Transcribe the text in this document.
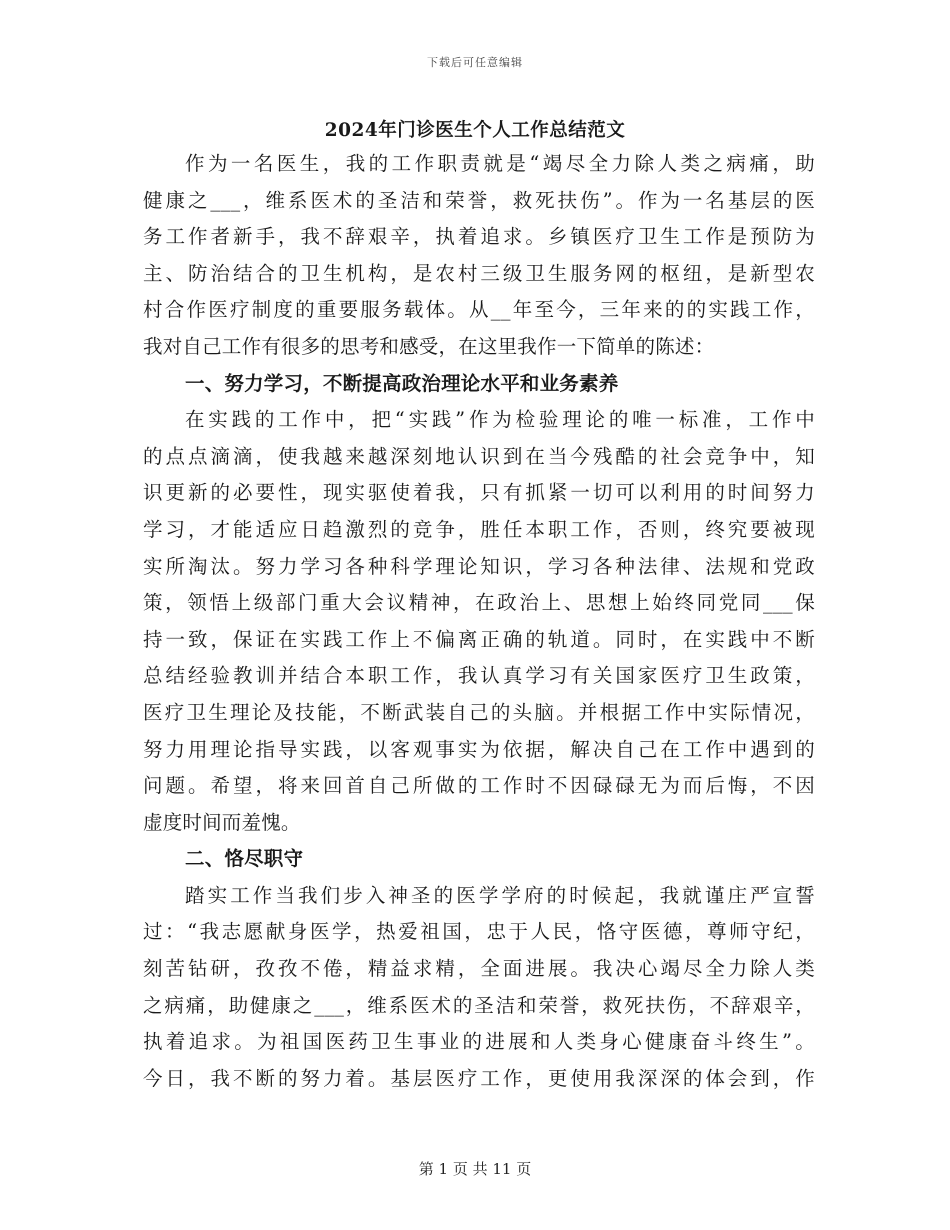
下载后可任意编辑
2024年门诊医生个人工作总结范文
作为一名医生，我的工作职责就是“竭尽全力除人类之病痛，助
健康之___，维系医术的圣洁和荣誉，救死扶伤”。作为一名基层的医
务工作者新手，我不辞艰辛，执着追求。乡镇医疗卫生工作是预防为
主、防治结合的卫生机构，是农村三级卫生服务网的枢纽，是新型农
村合作医疗制度的重要服务载体。从__年至今，三年来的的实践工作，
我对自己工作有很多的思考和感受，在这里我作一下简单的陈述：
一、努力学习，不断提高政治理论水平和业务素养
在实践的工作中，把“实践”作为检验理论的唯一标准，工作中
的点点滴滴，使我越来越深刻地认识到在当今残酷的社会竞争中，知
识更新的必要性，现实驱使着我，只有抓紧一切可以利用的时间努力
学习，才能适应日趋激烈的竞争，胜任本职工作，否则，终究要被现
实所淘汰。努力学习各种科学理论知识，学习各种法律、法规和党政
策，领悟上级部门重大会议精神，在政治上、思想上始终同党同___保
持一致，保证在实践工作上不偏离正确的轨道。同时，在实践中不断
总结经验教训并结合本职工作，我认真学习有关国家医疗卫生政策，
医疗卫生理论及技能，不断武装自己的头脑。并根据工作中实际情况，
努力用理论指导实践，以客观事实为依据，解决自己在工作中遇到的
问题。希望，将来回首自己所做的工作时不因碌碌无为而后悔，不因
虚度时间而羞愧。
二、恪尽职守
踏实工作当我们步入神圣的医学学府的时候起，我就谨庄严宣誓
过：“我志愿献身医学，热爱祖国，忠于人民，恪守医德，尊师守纪，
刻苦钻研，孜孜不倦，精益求精，全面进展。我决心竭尽全力除人类
之病痛，助健康之___，维系医术的圣洁和荣誉，救死扶伤，不辞艰辛，
执着追求。为祖国医药卫生事业的进展和人类身心健康奋斗终生”。
今日，我不断的努力着。基层医疗工作，更使用我深深的体会到，作
第 1 页 共 11 页
